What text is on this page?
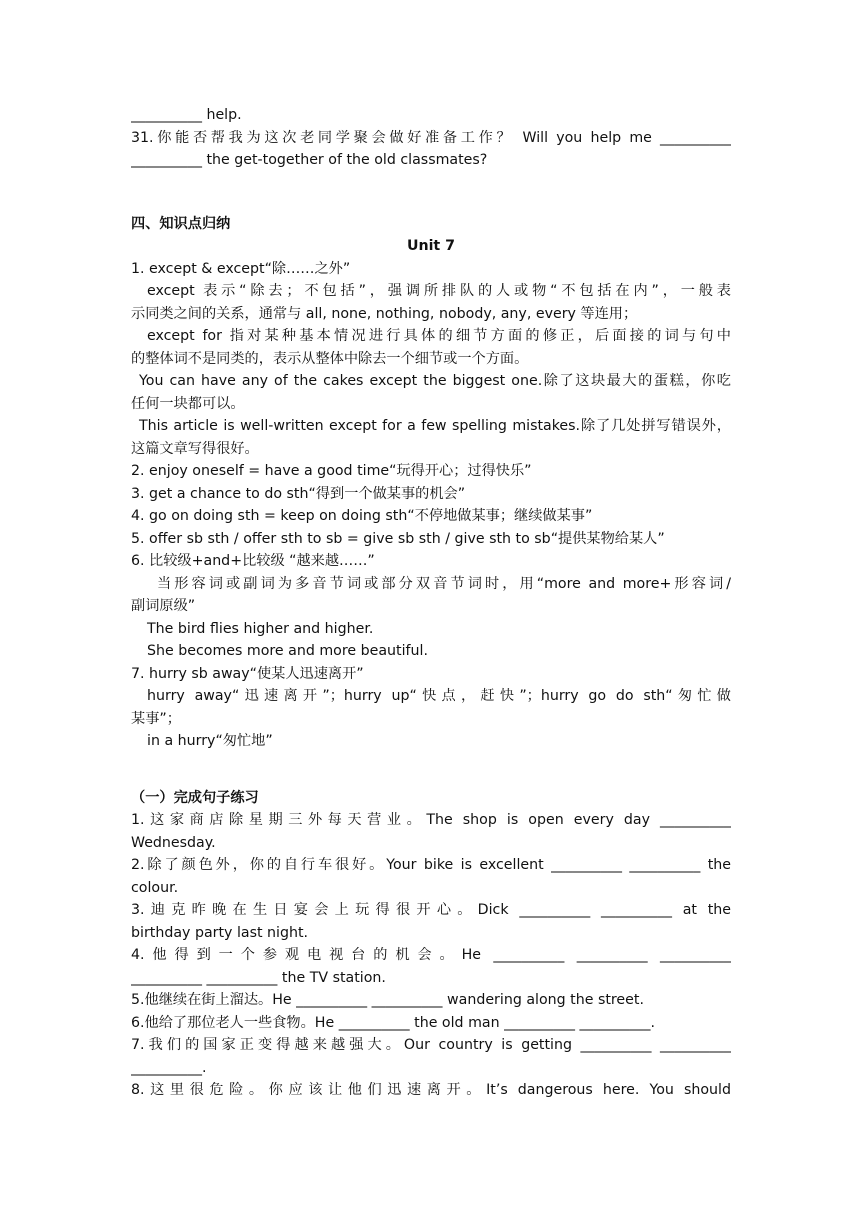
__________ help.
31.你能否帮我为这次老同学聚会做好准备工作？ Will you help me __________
__________ the get-together of the old classmates?
四、知识点归纳
Unit 7
1. except & except“除……之外”
except 表示“除去；不包括”，强调所排队的人或物“不包括在内”，一般表
示同类之间的关系，通常与 all, none, nothing, nobody, any, every 等连用；
except for 指对某种基本情况进行具体的细节方面的修正，后面接的词与句中
的整体词不是同类的，表示从整体中除去一个细节或一个方面。
You can have any of the cakes except the biggest one.除了这块最大的蛋糕，你吃
任何一块都可以。
This article is well-written except for a few spelling mistakes.除了几处拼写错误外，
这篇文章写得很好。
2. enjoy oneself = have a good time“玩得开心；过得快乐”
3. get a chance to do sth“得到一个做某事的机会”
4. go on doing sth = keep on doing sth“不停地做某事；继续做某事”
5. offer sb sth / offer sth to sb = give sb sth / give sth to sb“提供某物给某人”
6. 比较级+and+比较级 “越来越……”
当形容词或副词为多音节词或部分双音节词时，用“more and more+形容词/
副词原级”
The bird flies higher and higher.
She becomes more and more beautiful.
7. hurry sb away“使某人迅速离开”
hurry away“迅速离开”；hurry up“快点，赶快”；hurry go do sth“匆忙做
某事”；
in a hurry“匆忙地”
（一）完成句子练习
1.这家商店除星期三外每天营业。The shop is open every day __________
Wednesday.
2.除了颜色外，你的自行车很好。Your bike is excellent __________ __________ the
colour.
3.迪克昨晚在生日宴会上玩得很开心。Dick __________ __________ at the
birthday party last night.
4.他得到一个参观电视台的机会。He __________ __________ __________
__________ __________ the TV station.
5.他继续在街上溜达。He __________ __________ wandering along the street.
6.他给了那位老人一些食物。He __________ the old man __________ __________.
7.我们的国家正变得越来越强大。Our country is getting __________ __________
__________.
8.这里很危险。你应该让他们迅速离开。It’s dangerous here. You should
